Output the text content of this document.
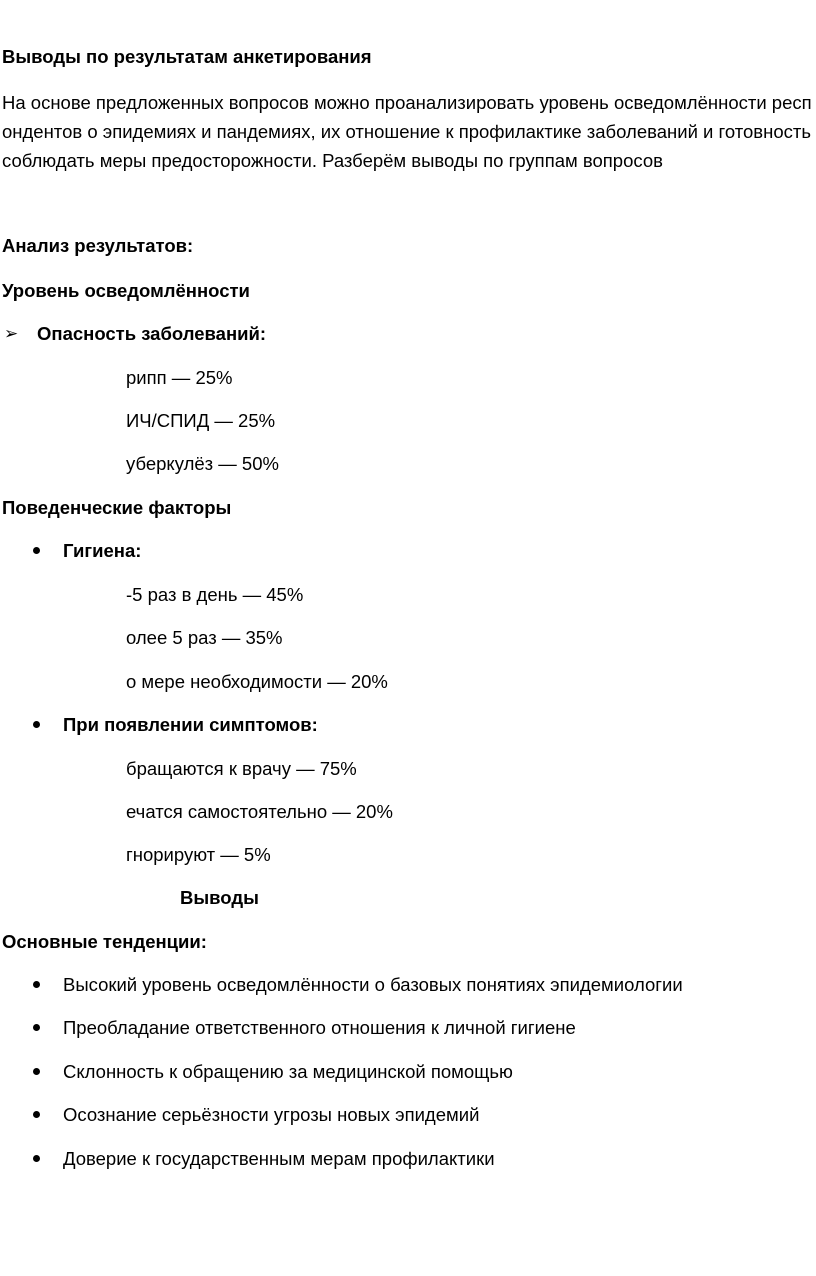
Выводы по результатам анкетирования
На основе предложенных вопросов можно проанализировать уровень осведомлённости респондентов о эпидемиях и пандемиях, их отношение к профилактике заболеваний и готовность соблюдать меры предосторожности. Разберём выводы по группам вопросов
Анализ результатов:
Уровень осведомлённости
➢ Опасность заболеваний:
рипп — 25%
ИЧ/СПИД — 25%
уберкулёз — 50%
Поведенческие факторы
Гигиена:
-5 раз в день — 45%
олее 5 раз — 35%
о мере необходимости — 20%
При появлении симптомов:
бращаются к врачу — 75%
ечатся самостоятельно — 20%
гнорируют — 5%
Выводы
Основные тенденции:
Высокий уровень осведомлённости о базовых понятиях эпидемиологии
Преобладание ответственного отношения к личной гигиене
Склонность к обращению за медицинской помощью
Осознание серьёзности угрозы новых эпидемий
Доверие к государственным мерам профилактики
